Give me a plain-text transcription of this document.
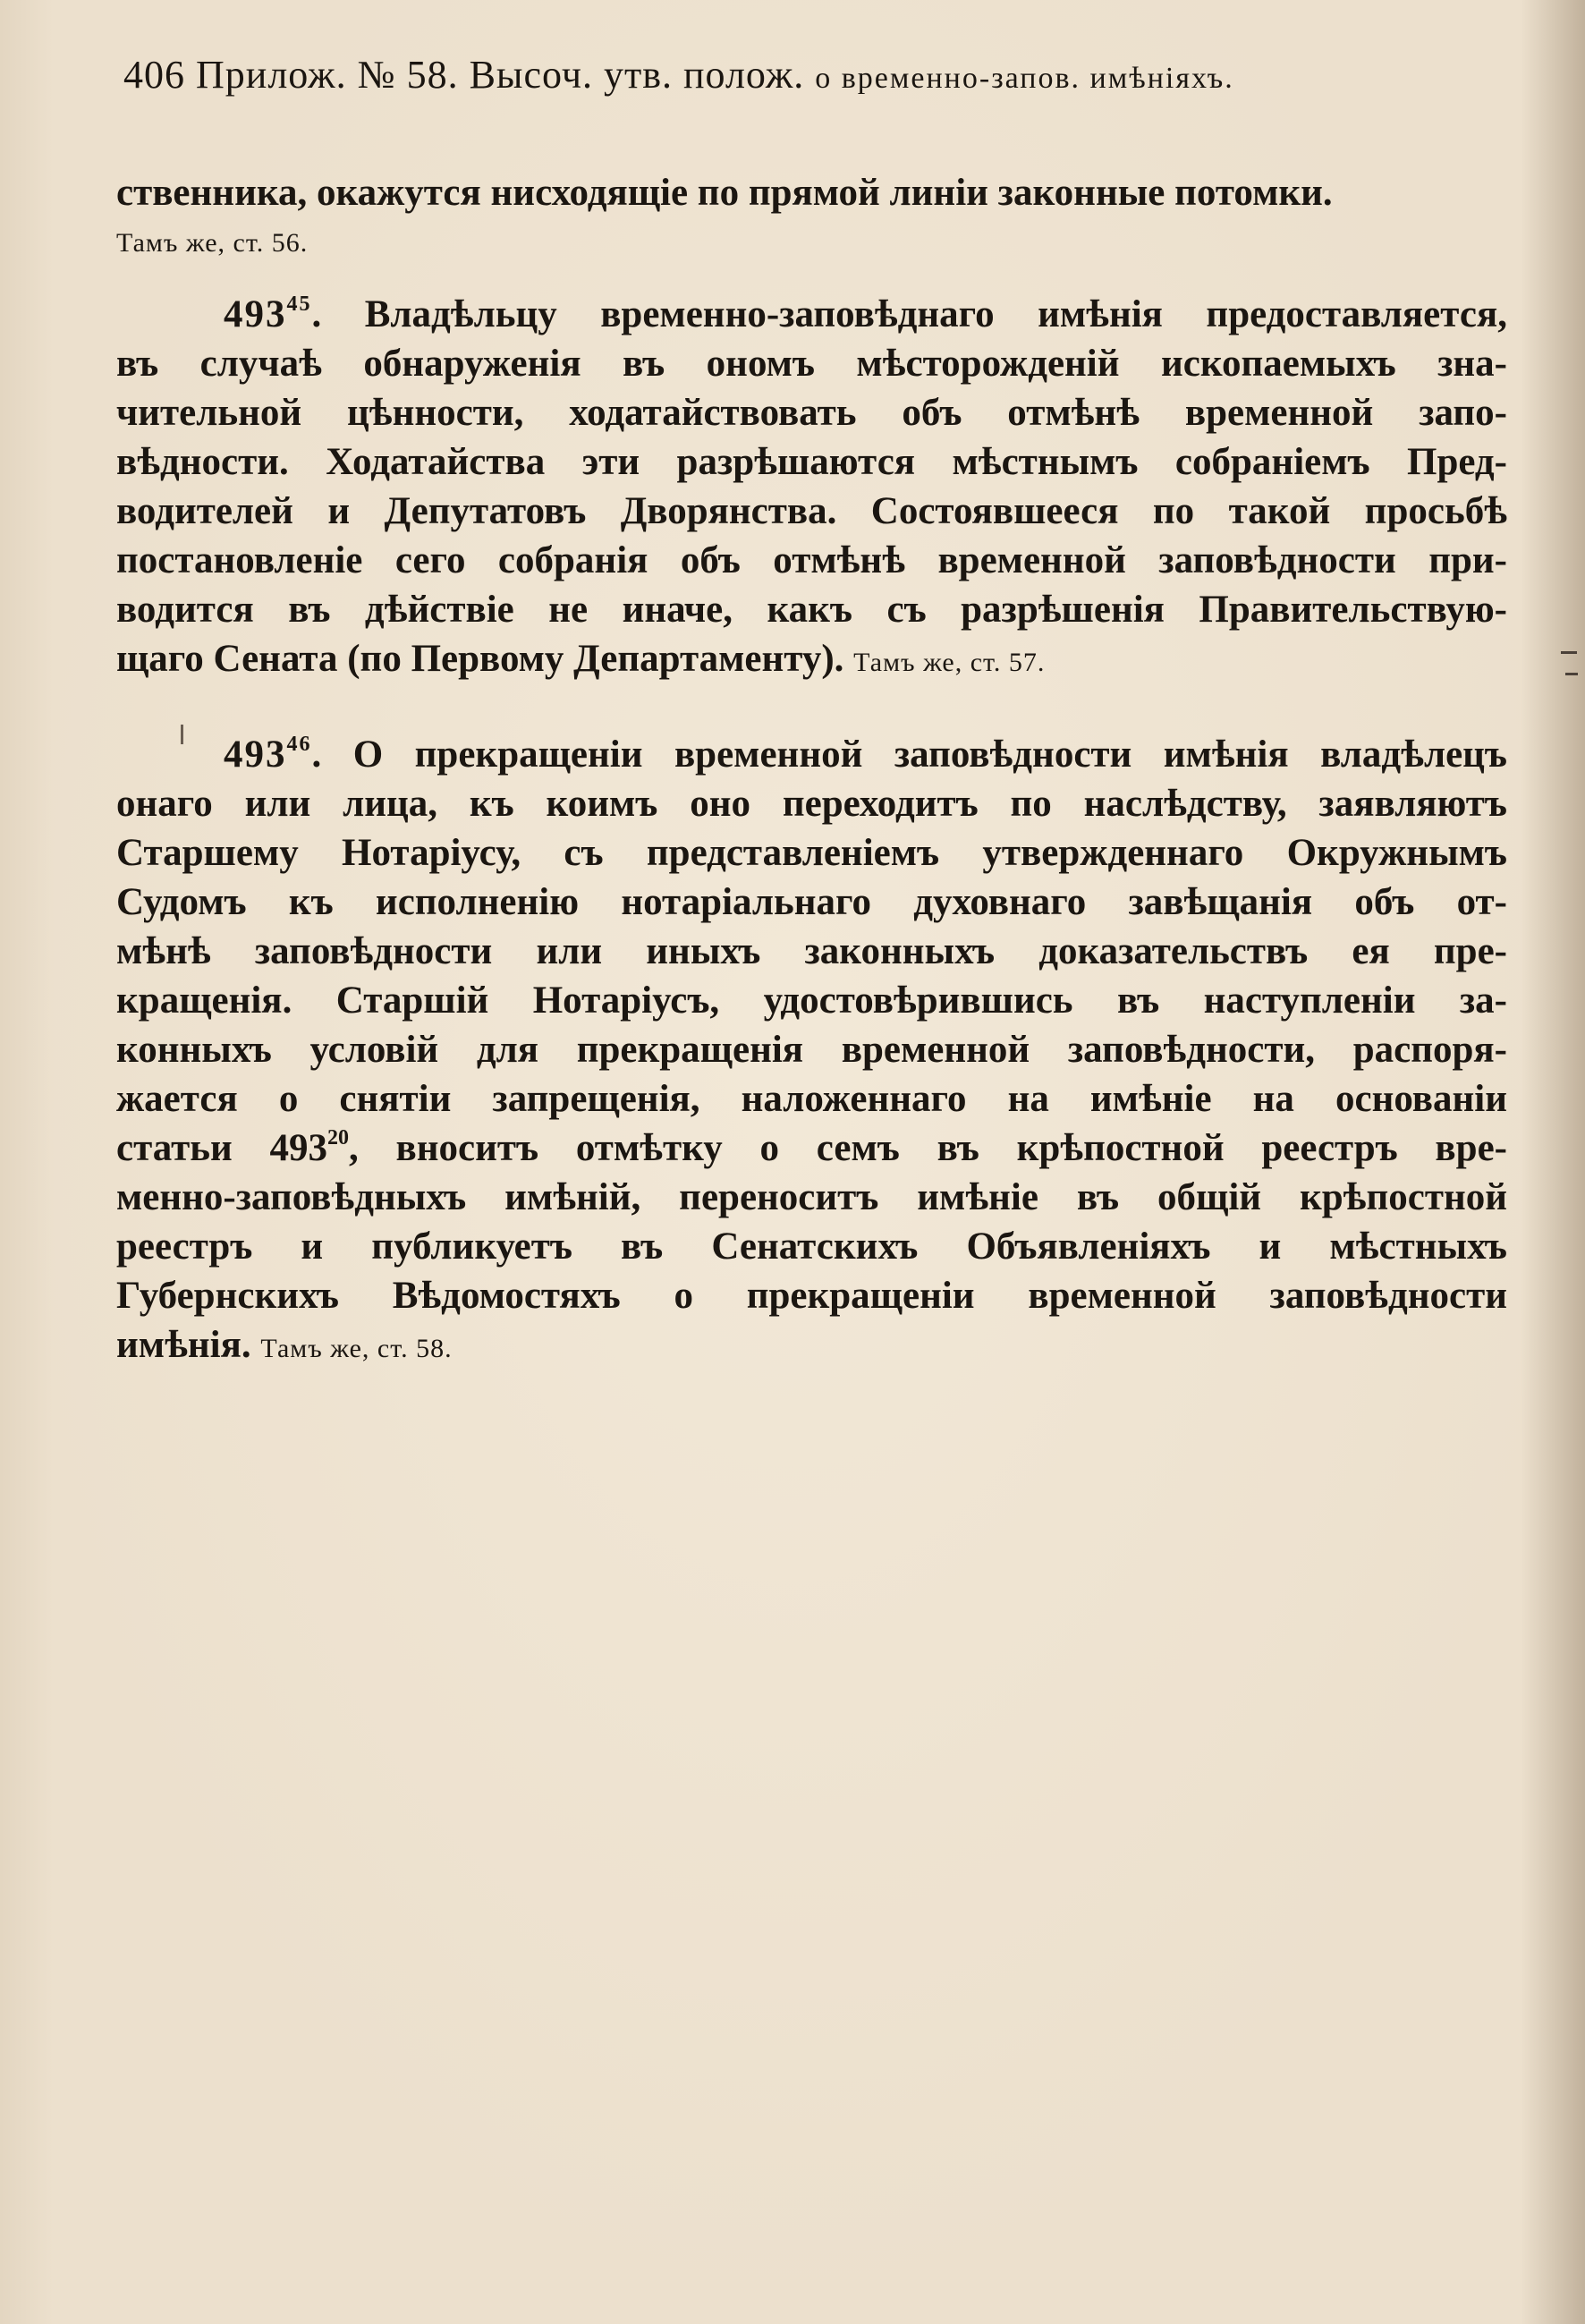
406 Прилож. № 58. Высоч. утв. полож. о временно-запов. имѣніяхъ.
ственника, окажутся нисходящіе по прямой линіи законные потомки.
Тамъ же, ст. 56.
$493^{45}$. Владѣльцу временно-заповѣднаго имѣнія предоставляется,
въ случаѣ обнаруженія въ ономъ мѣсторожденій ископаемыхъ зна-
чительной цѣнности, ходатайствовать объ отмѣнѣ временной запо-
вѣдности. Ходатайства эти разрѣшаются мѣстнымъ собраніемъ Пред-
водителей и Депутатовъ Дворянства. Состоявшееся по такой просьбѣ
постановленіе сего собранія объ отмѣнѣ временной заповѣдности при-
водится въ дѣйствіе не иначе, какъ съ разрѣшенія Правительствую-
щаго Сената (по Первому Департаменту). Тамъ же, ст. 57.
$493^{46}$. О прекращеніи временной заповѣдности имѣнія владѣлецъ
онаго или лица, къ коимъ оно переходитъ по наслѣдству, заявляютъ
Старшему Нотаріусу, съ представленіемъ утвержденнаго Окружнымъ
Судомъ къ исполненію нотаріальнаго духовнаго завѣщанія объ от-
мѣнѣ заповѣдности или иныхъ законныхъ доказательствъ ея пре-
кращенія. Старшій Нотаріусъ, удостовѣрившись въ наступленіи за-
конныхъ условій для прекращенія временной заповѣдности, распоря-
жается о снятіи запрещенія, наложеннаго на имѣніе на основаніи
статьи $493^{20}$, вноситъ отмѣтку о семъ въ крѣпостной реестръ вре-
менно-заповѣдныхъ имѣній, переноситъ имѣніе въ общій крѣпостной
реестръ и публикуетъ въ Сенатскихъ Объявленіяхъ и мѣстныхъ
Губернскихъ Вѣдомостяхъ о прекращеніи временной заповѣдности
имѣнія. Тамъ же, ст. 58.
